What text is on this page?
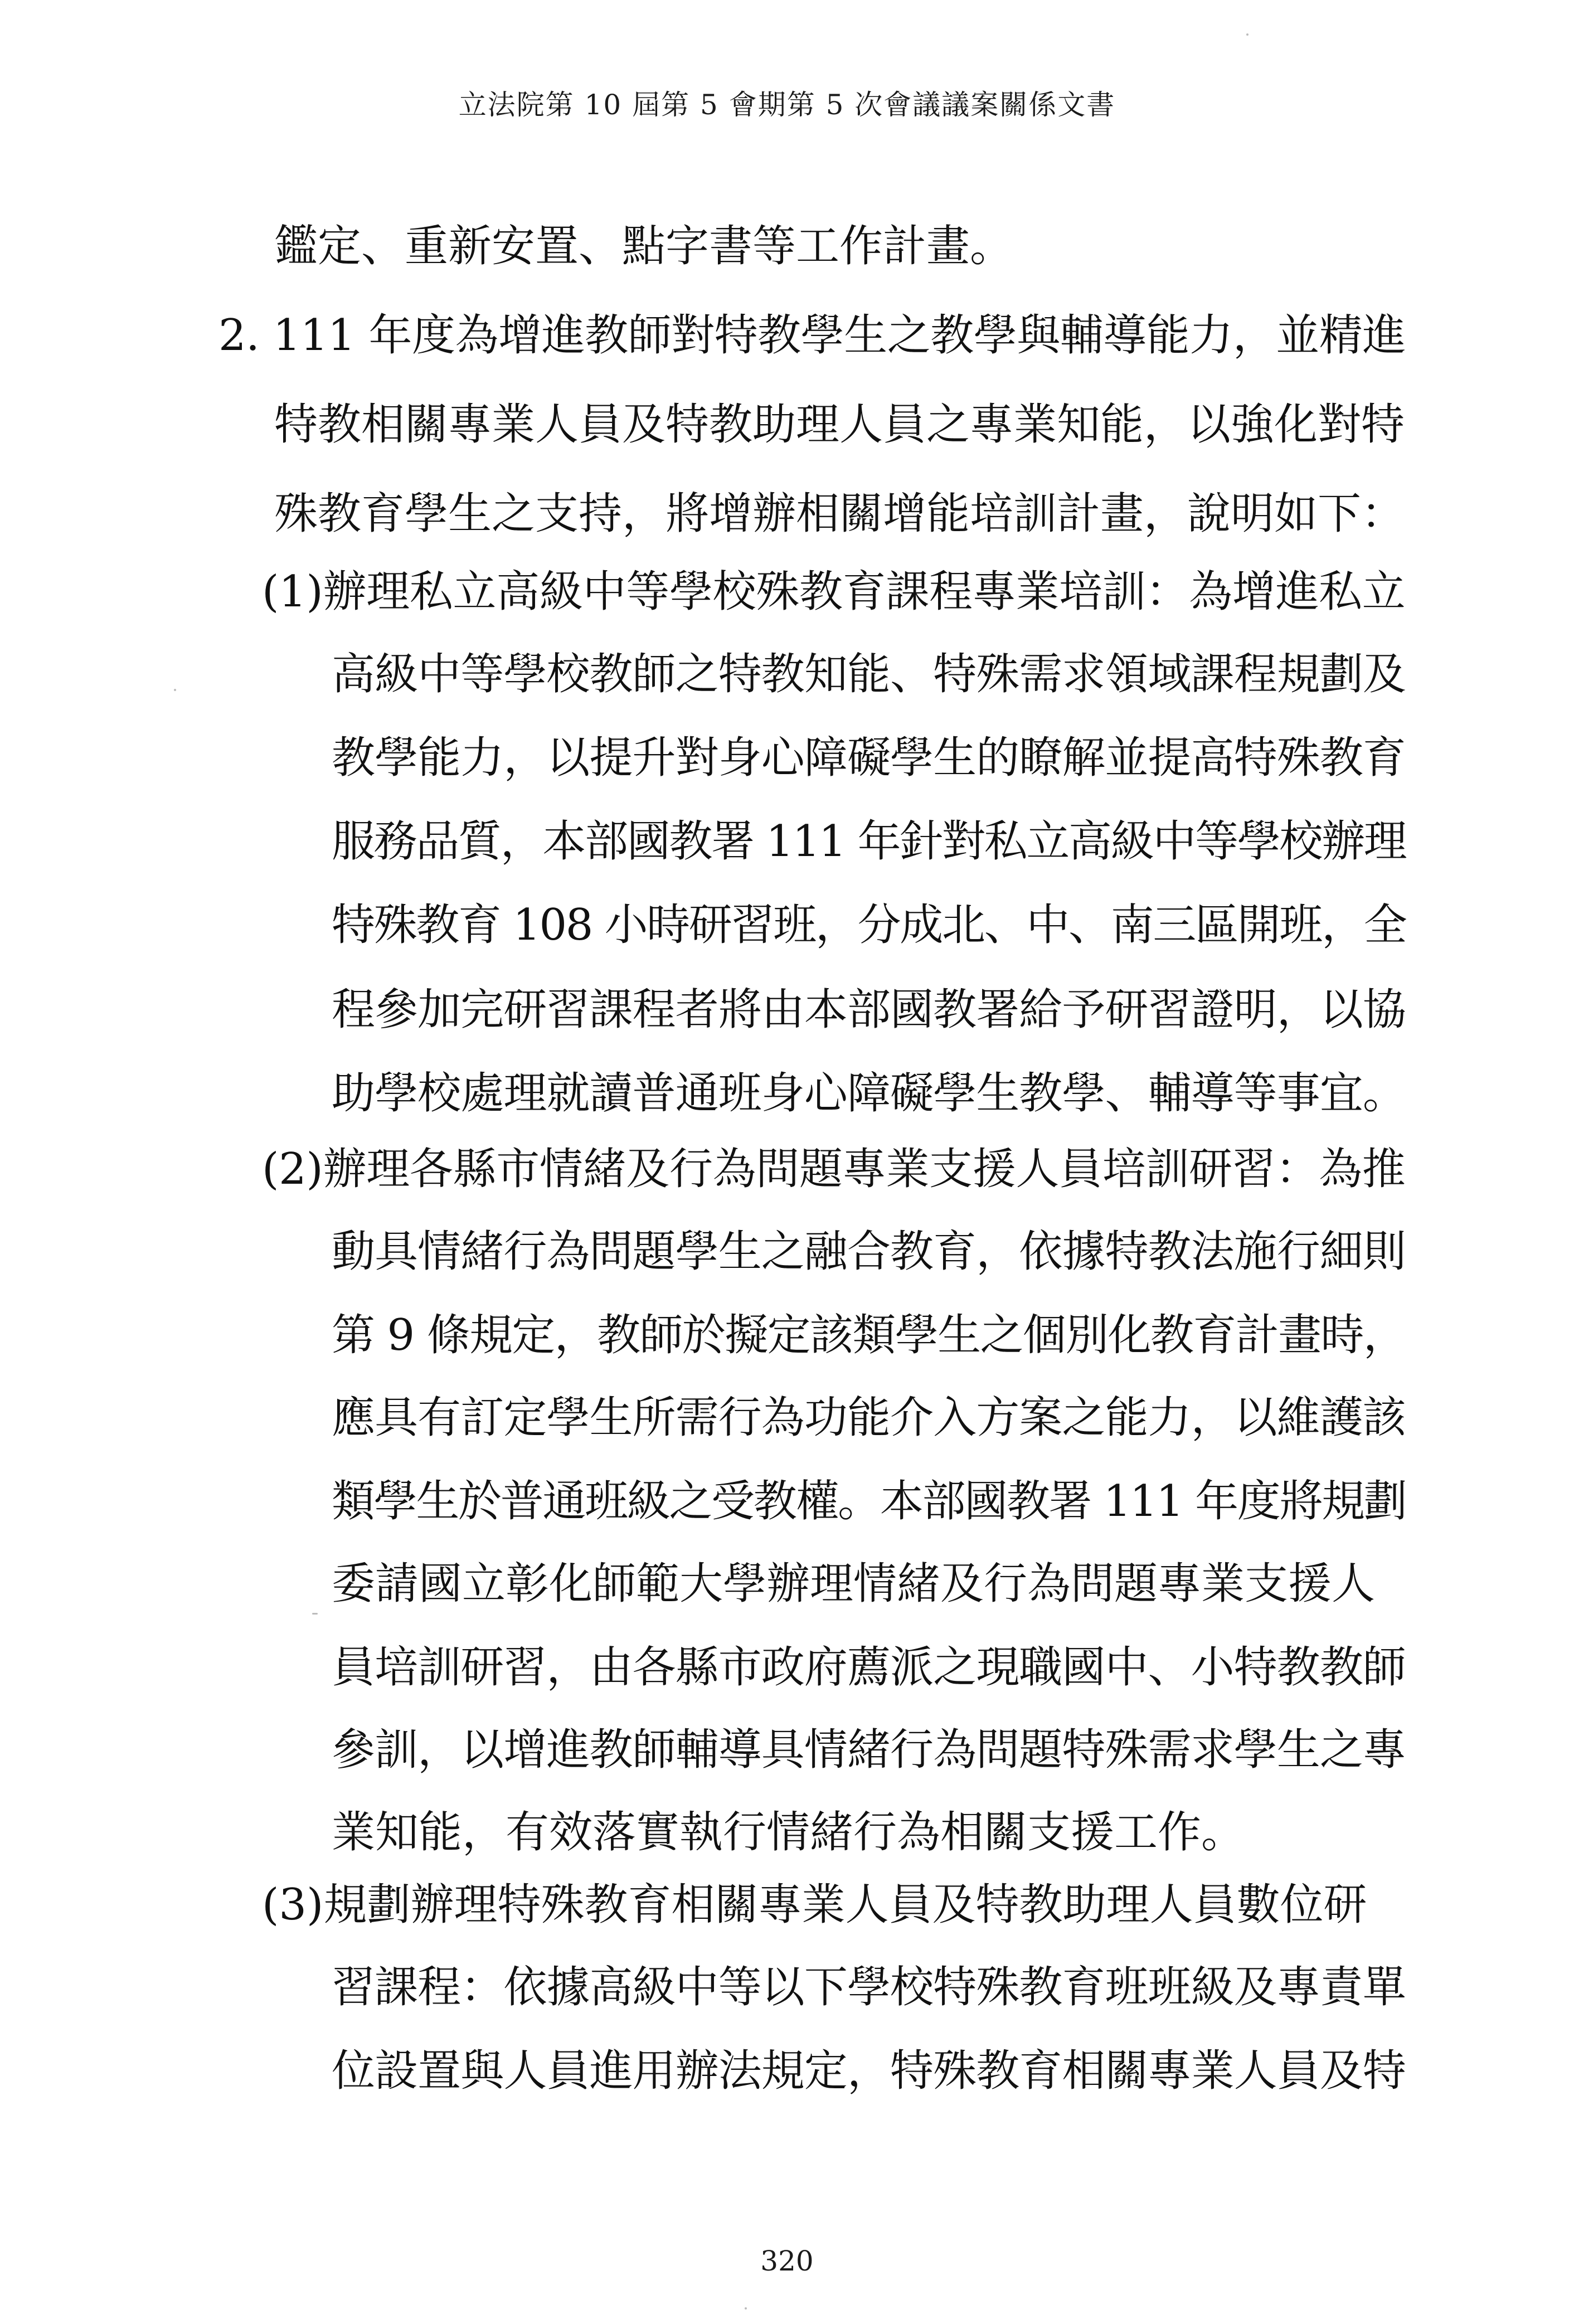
立法院第 10 屆第 5 會期第 5 次會議議案關係文書
鑑定、重新安置、點字書等工作計畫。
2. 111 年度為增進教師對特教學生之教學與輔導能力，並精進
特教相關專業人員及特教助理人員之專業知能，以強化對特
殊教育學生之支持，將增辦相關增能培訓計畫，說明如下：
(1)辦理私立高級中等學校殊教育課程專業培訓：為增進私立
高級中等學校教師之特教知能、特殊需求領域課程規劃及
教學能力，以提升對身心障礙學生的瞭解並提高特殊教育
服務品質，本部國教署 111 年針對私立高級中等學校辦理
特殊教育 108 小時研習班，分成北、中、南三區開班，全
程參加完研習課程者將由本部國教署給予研習證明，以協
助學校處理就讀普通班身心障礙學生教學、輔導等事宜。
(2)辦理各縣市情緒及行為問題專業支援人員培訓研習：為推
動具情緒行為問題學生之融合教育，依據特教法施行細則
第 9 條規定，教師於擬定該類學生之個別化教育計畫時，
應具有訂定學生所需行為功能介入方案之能力，以維護該
類學生於普通班級之受教權。本部國教署 111 年度將規劃
委請國立彰化師範大學辦理情緒及行為問題專業支援人
員培訓研習，由各縣市政府薦派之現職國中、小特教教師
參訓，以增進教師輔導具情緒行為問題特殊需求學生之專
業知能，有效落實執行情緒行為相關支援工作。
(3)規劃辦理特殊教育相關專業人員及特教助理人員數位研
習課程：依據高級中等以下學校特殊教育班班級及專責單
位設置與人員進用辦法規定，特殊教育相關專業人員及特
320
